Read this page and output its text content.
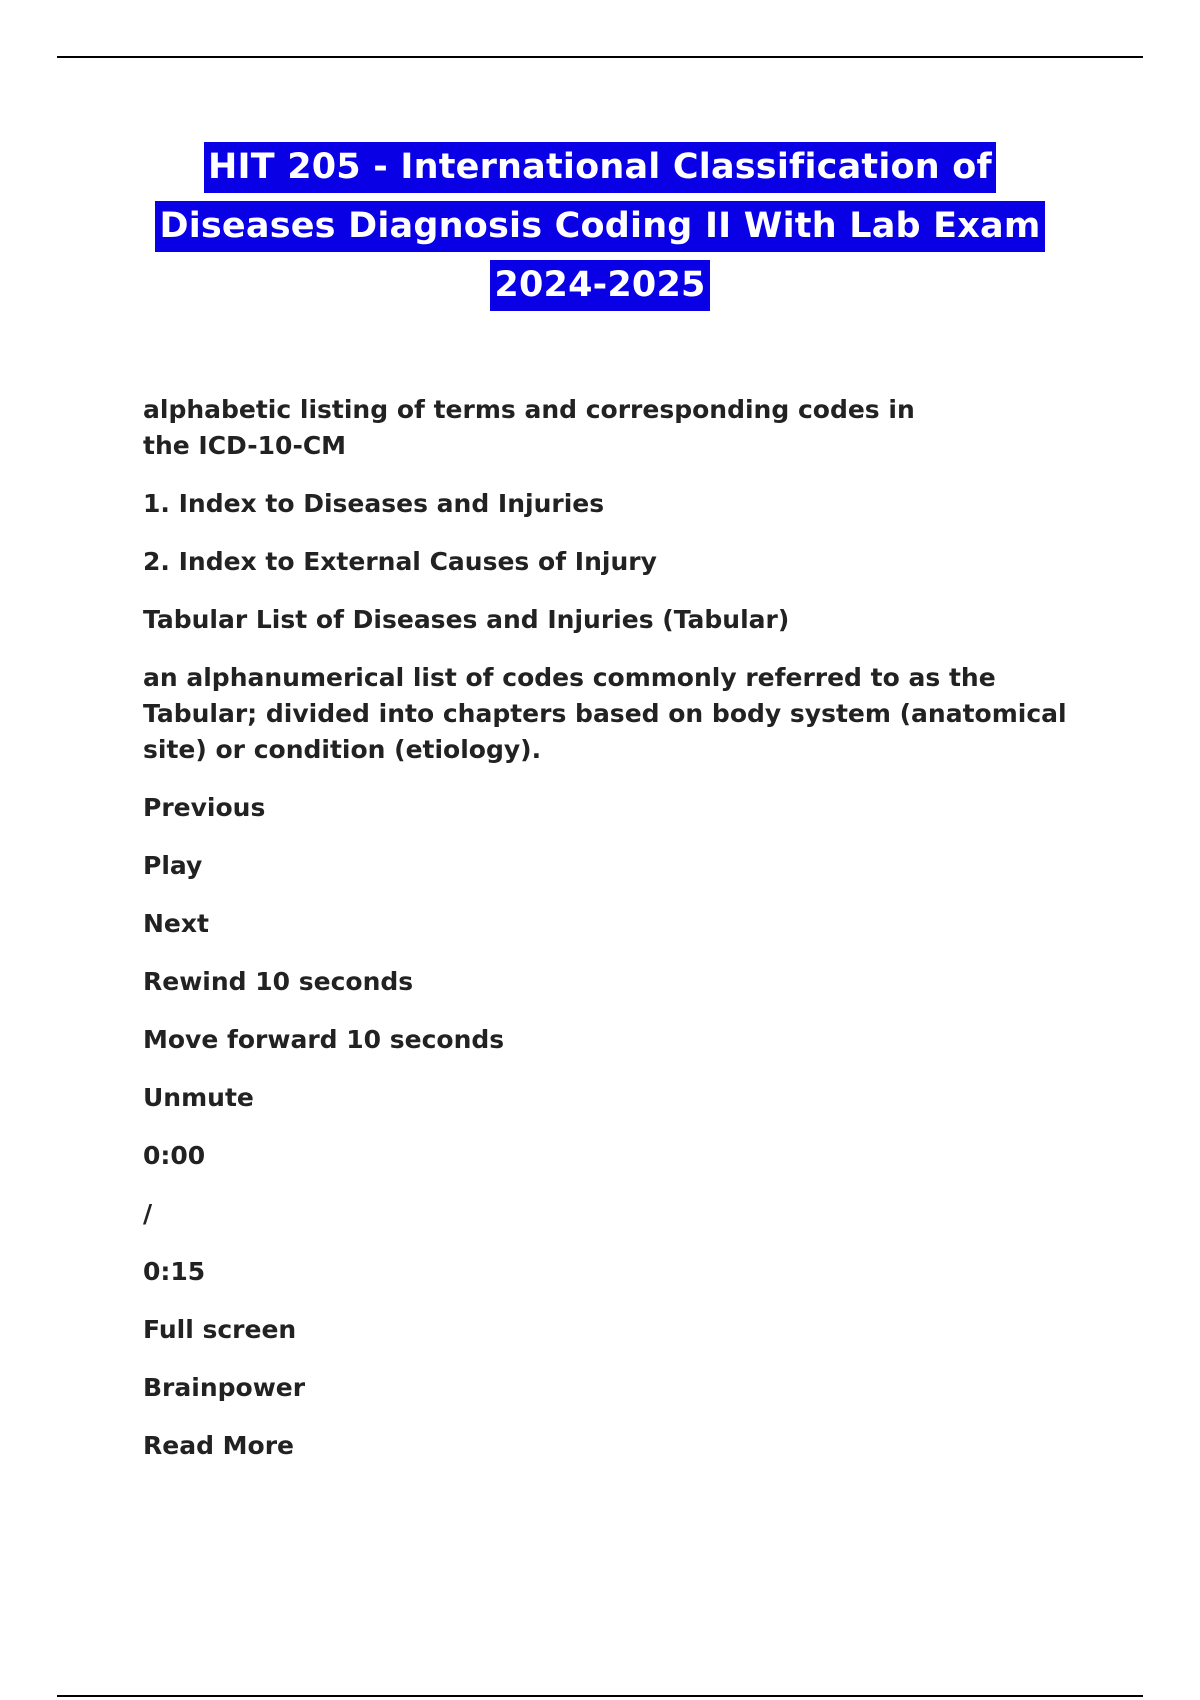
HIT 205 - International Classification of
Diseases Diagnosis Coding II With Lab Exam
2024-2025

alphabetic listing of terms and corresponding codes in the ICD-10-CM

1. Index to Diseases and Injuries

2. Index to External Causes of Injury

Tabular List of Diseases and Injuries (Tabular)

an alphanumerical list of codes commonly referred to as the Tabular; divided into chapters based on body system (anatomical site) or condition (etiology).

Previous

Play

Next

Rewind 10 seconds

Move forward 10 seconds

Unmute

0:00

/

0:15

Full screen

Brainpower

Read More
